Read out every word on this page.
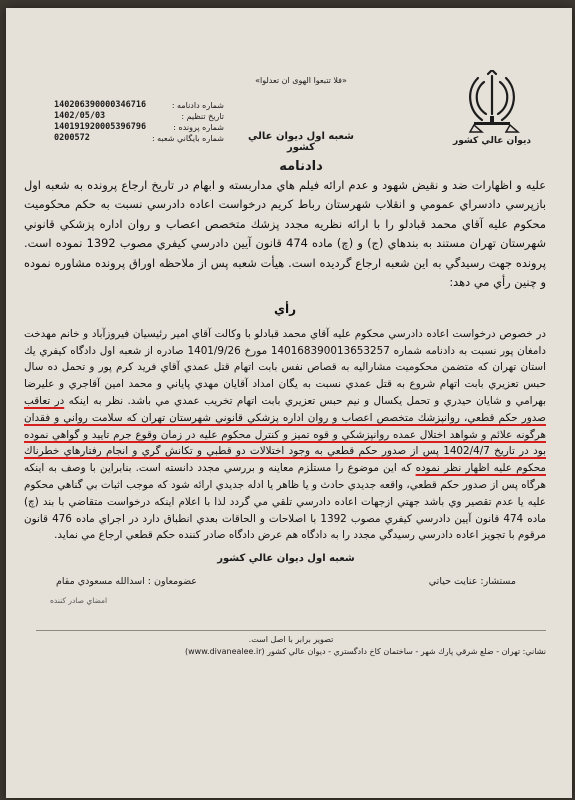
شماره دادنامه :
140206390000346716
تاريخ تنظيم :
1402/05/03
شماره پرونده :
140191920005396796
شماره بايگاني شعبه :
0200572
«فلا تتبعوا الهوى ان تعدلوا»
شعبه اول ديوان عالي كشور
دادنامه
ديوان عالي كشور

عليه و اظهارات ضد و نقيض شهود و عدم ارائه فيلم هاي مداربسته و ابهام در تاريخ ارجاع پرونده به شعبه اول بازپرسي دادسراي عمومي و انقلاب شهرستان رباط كريم درخواست اعاده دادرسي نسبت به حكم محكوميت محكوم عليه آقاي محمد قبادلو را با ارائه نظريه مجدد پزشك متخصص اعصاب و روان اداره پزشكي قانوني شهرستان تهران مستند به بندهاي (ج) و (چ) ماده 474 قانون آيين دادرسي كيفري مصوب 1392 نموده است. پرونده جهت رسيدگي به اين شعبه ارجاع گرديده است. هيأت شعبه پس از ملاحظه اوراق پرونده مشاوره نموده و چنين رأي مي دهد:

رأي

در خصوص درخواست اعاده دادرسي محكوم عليه آقاي محمد قبادلو با وكالت آقاي امير رئيسيان فيروزآباد و خانم مهدخت دامغان پور نسبت به دادنامه شماره 140168390013653257 مورخ 1401/9/26 صادره از شعبه اول دادگاه كيفري يك استان تهران كه متضمن محكوميت مشاراليه به قصاص نفس بابت اتهام قتل عمدي آقاي فريد كرم پور و تحمل ده سال حبس تعزيري بابت اتهام شروع به قتل عمدي نسبت به يگان امداد آقايان مهدي پاياني و محمد امين آقاجري و عليرضا بهرامي و شايان حيدري و تحمل يكسال و نيم حبس تعزيري بابت اتهام تخريب عمدي مي باشد. نظر به اينكه در تعاقب صدور حكم قطعي، روانپزشك متخصص اعصاب و روان اداره پزشكي قانوني شهرستان تهران كه سلامت رواني و فقدان هرگونه علائم و شواهد اختلال عمده روانپزشكي و قوه تميز و كنترل محكوم عليه در زمان وقوع جرم تاييد و گواهي نموده بود در تاريخ 1402/4/7 پس از صدور حكم قطعي به وجود اختلالات دو قطبي و تكانش گري و انجام رفتارهاي خطرناك محكوم عليه اظهار نظر نموده كه اين موضوع را مستلزم معاينه و بررسي مجدد دانسته است. بنابراين با وصف به اينكه هرگاه پس از صدور حكم قطعي، واقعه جديدي حادث و يا ظاهر يا ادله جديدي ارائه شود كه موجب اثبات بي گناهي محكوم عليه يا عدم تقصير وي باشد جهتي ازجهات اعاده دادرسي تلقي مي گردد لذا با اعلام اينكه درخواست متقاضي با بند (چ) ماده 474 قانون آيين دادرسي كيفري مصوب 1392 با اصلاحات و الحاقات بعدي انطباق دارد در اجراي ماده 476 قانون مرقوم با تجويز اعاده دادرسي رسيدگي مجدد را به دادگاه هم عرض دادگاه صادر كننده حكم قطعي ارجاع مي نمايد.

شعبه اول ديوان عالي كشور
مستشار: عنايت حياتي
عضومعاون : اسدالله مسعودي مقام
امضاي صادر كننده
تصوير برابر با اصل است.
نشاني: تهران - ضلع شرقي پارك شهر - ساختمان كاخ دادگستري - ديوان عالي كشور (www.divanealee.ir)
